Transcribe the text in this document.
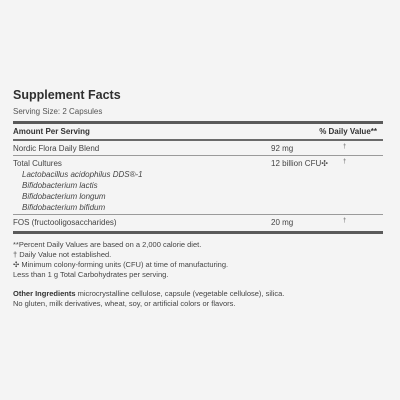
Supplement Facts
Serving Size: 2 Capsules
Amount Per Serving	% Daily Value**
Nordic Flora Daily Blend	92 mg	†
Total Cultures	12 billion CFU✣	†
Lactobacillus acidophilus DDS®-1
Bifidobacterium lactis
Bifidobacterium longum
Bifidobacterium bifidum
FOS (fructooligosaccharides)	20 mg	†
**Percent Daily Values are based on a 2,000 calorie diet.
† Daily Value not established.
✣ Minimum colony-forming units (CFU) at time of manufacturing.
Less than 1 g Total Carbohydrates per serving.
Other Ingredients microcrystalline cellulose, capsule (vegetable cellulose), silica.
No gluten, milk derivatives, wheat, soy, or artificial colors or flavors.
